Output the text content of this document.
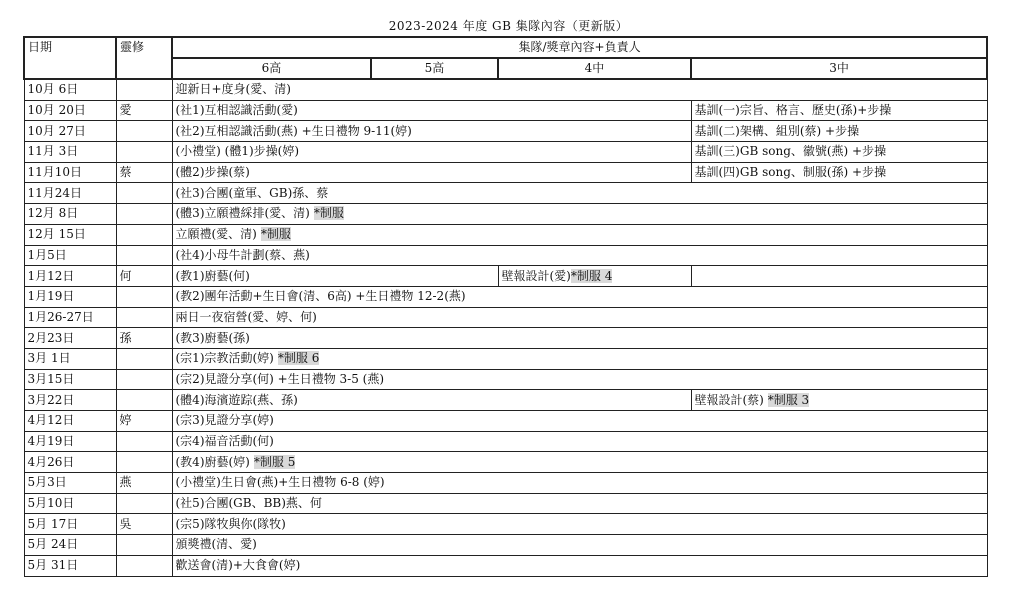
2023-2024 年度 GB 集隊內容（更新版）
日期	靈修	集隊/獎章內容+負責人			
		6高	5高	4中	3中
10月 6日		迎新日+度身(愛、清)			
10月 20日	愛	(社1)互相認識活動(愛)			基訓(一)宗旨、格言、歷史(孫)+步操
10月 27日		(社2)互相認識活動(燕) +生日禮物 9-11(婷)			基訓(二)架構、組別(蔡) +步操
11月 3日		(小禮堂) (體1)步操(婷)			基訓(三)GB song、徽號(燕) +步操
11月10日	蔡	(體2)步操(蔡)			基訓(四)GB song、制服(孫) +步操
11月24日		(社3)合團(童軍、GB)孫、蔡			
12月 8日		(體3)立願禮綵排(愛、清) *制服			
12月 15日		立願禮(愛、清) *制服			
1月5日		(社4)小母牛計劃(蔡、燕)			
1月12日	何	(教1)廚藝(何)		壁報設計(愛)*制服 4	
1月19日		(教2)團年活動+生日會(清、6高) +生日禮物 12-2(燕)			
1月26-27日		兩日一夜宿營(愛、婷、何)			
2月23日	孫	(教3)廚藝(孫)			
3月 1日		(宗1)宗教活動(婷) *制服 6			
3月15日		(宗2)見證分享(何) +生日禮物 3-5 (燕)			
3月22日		(體4)海濱遊踪(燕、孫)			壁報設計(蔡) *制服 3
4月12日	婷	(宗3)見證分享(婷)			
4月19日		(宗4)福音活動(何)			
4月26日		(教4)廚藝(婷) *制服 5			
5月3日	燕	(小禮堂)生日會(燕)+生日禮物 6-8 (婷)			
5月10日		(社5)合團(GB、BB)燕、何			
5月 17日	吳	(宗5)隊牧與你(隊牧)			
5月 24日		頒獎禮(清、愛)			
5月 31日		歡送會(清)+大食會(婷)			
